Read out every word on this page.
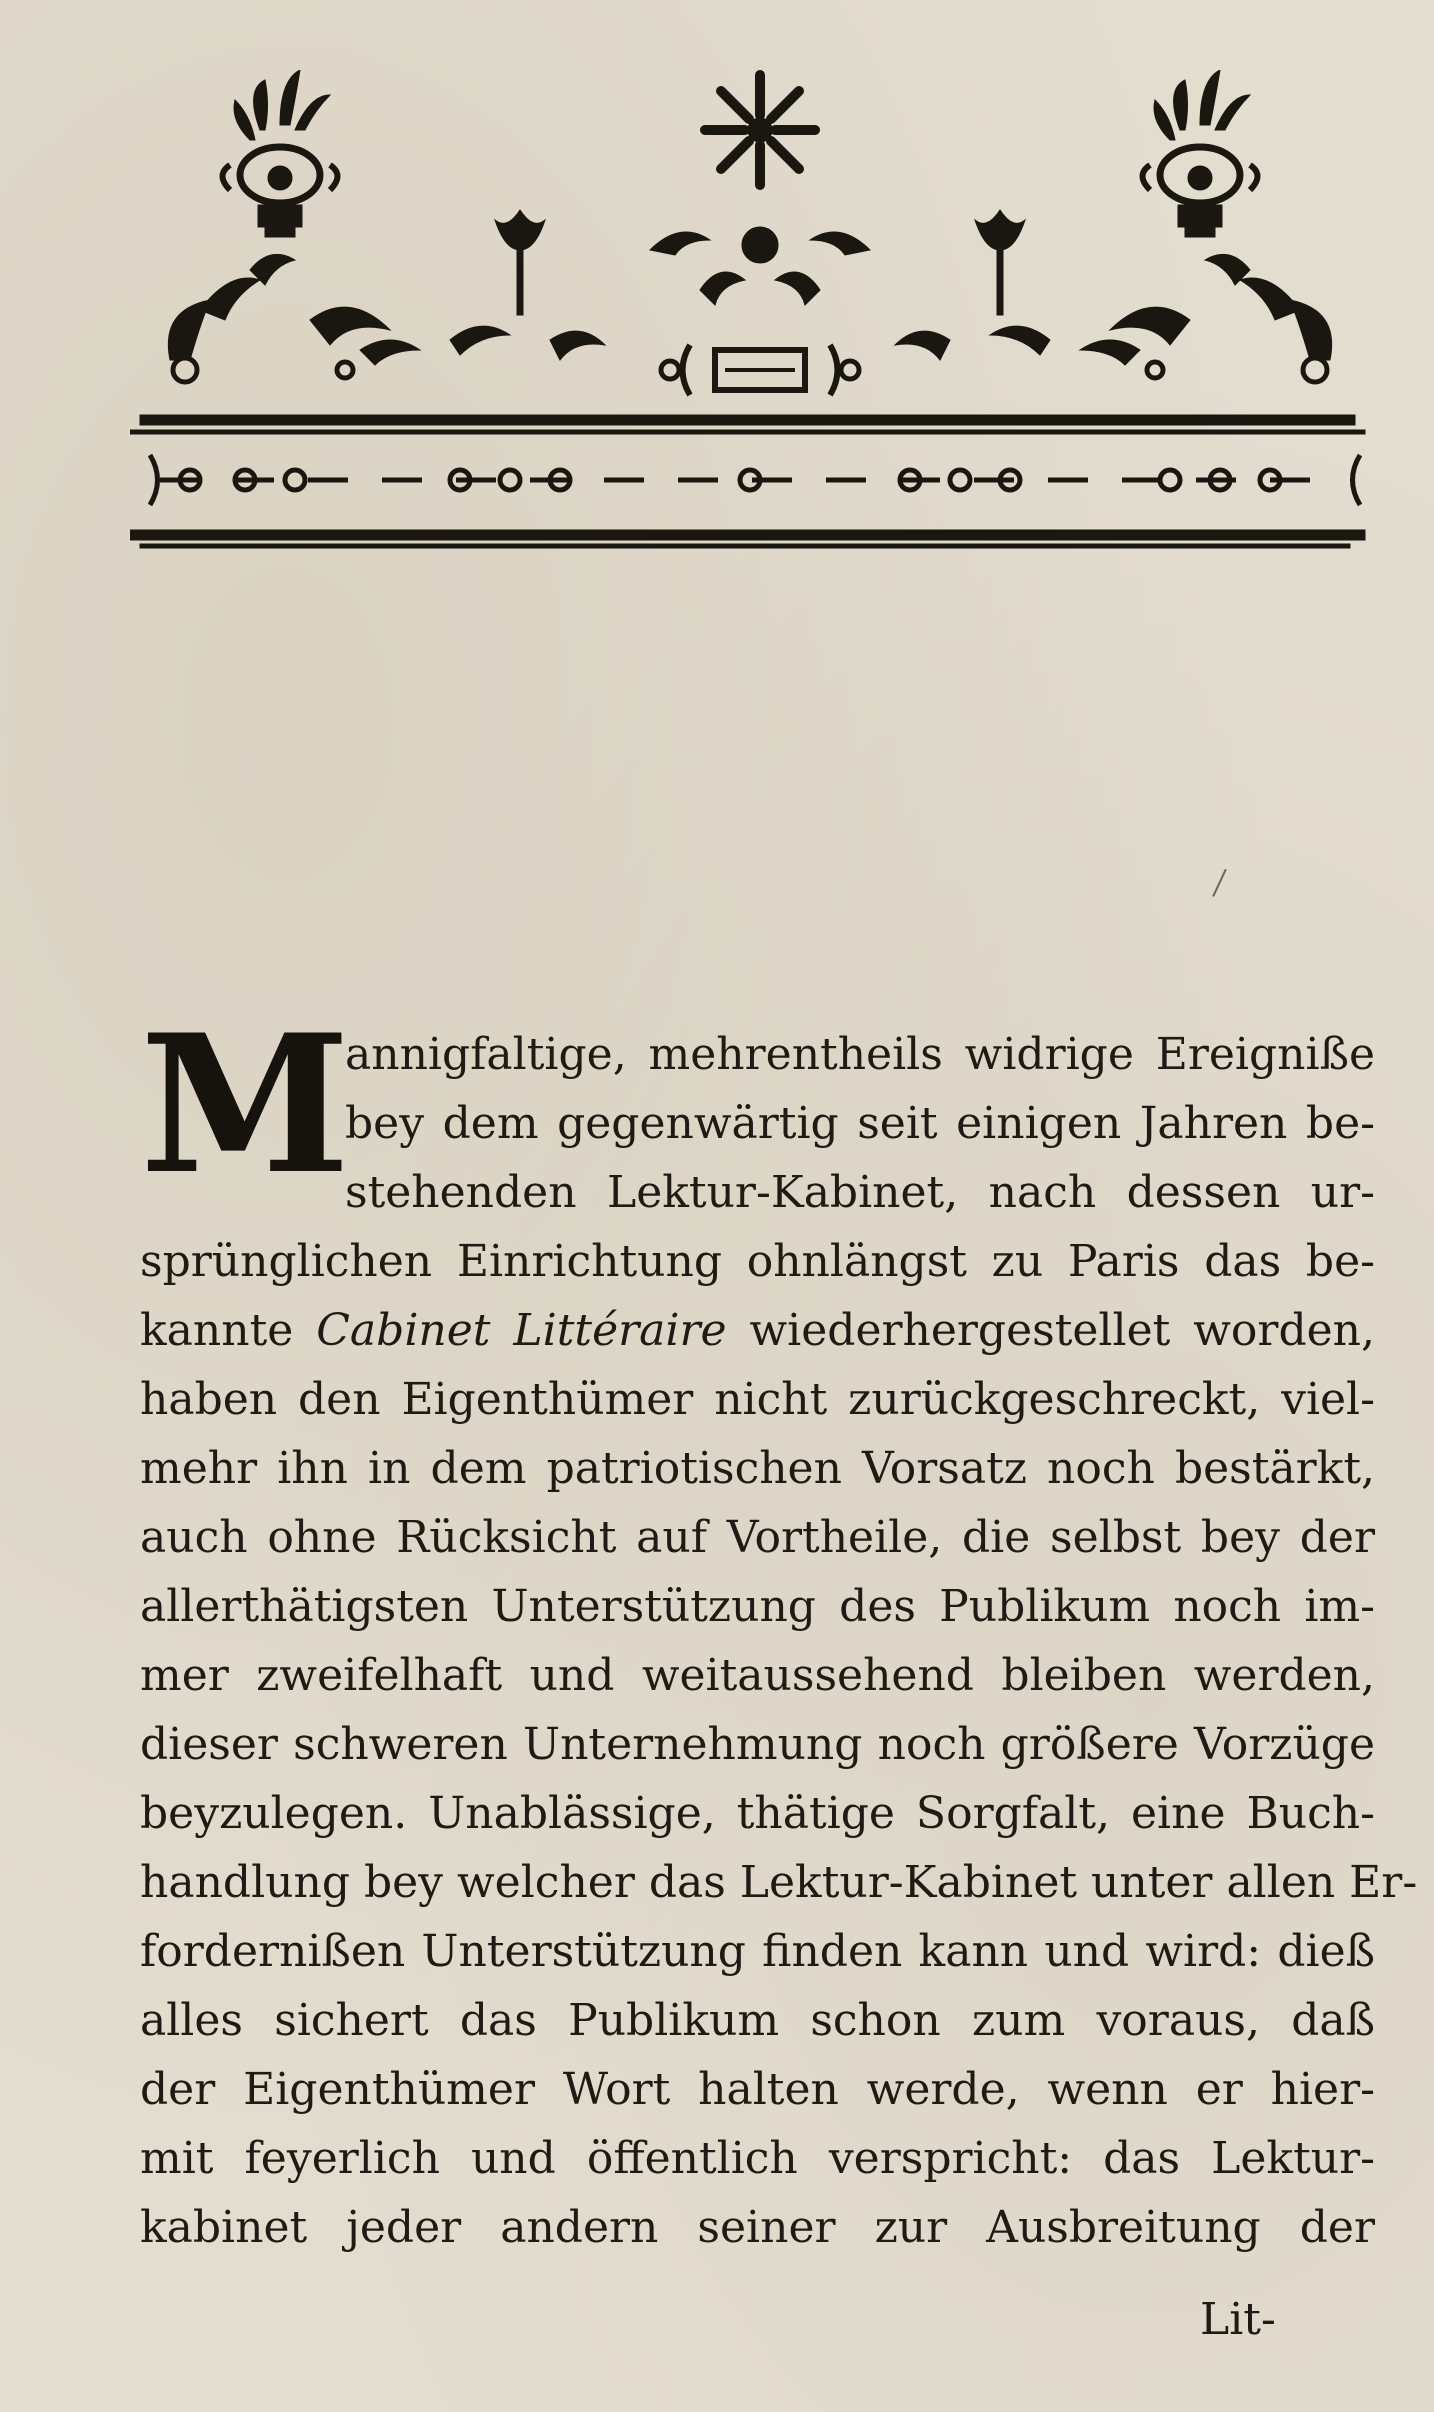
M
annigfaltige, mehrentheils widrige Ereigniße
bey dem gegenwärtig seit einigen Jahren be-
stehenden Lektur-Kabinet, nach dessen ur-
sprünglichen Einrichtung ohnlängst zu Paris das be-
kannte Cabinet Littéraire wiederhergestellet worden,
haben den Eigenthümer nicht zurückgeschreckt, viel-
mehr ihn in dem patriotischen Vorsatz noch bestärkt,
auch ohne Rücksicht auf Vortheile, die selbst bey der
allerthätigsten Unterstützung des Publikum noch im-
mer zweifelhaft und weitaussehend bleiben werden,
dieser schweren Unternehmung noch größere Vorzüge
beyzulegen. Unablässige, thätige Sorgfalt, eine Buch-
handlung bey welcher das Lektur-Kabinet unter allen Er-
fordernißen Unterstützung finden kann und wird: dieß
alles sichert das Publikum schon zum voraus, daß
der Eigenthümer Wort halten werde, wenn er hier-
mit feyerlich und öffentlich verspricht: das Lektur-
kabinet jeder andern seiner zur Ausbreitung der
Lit-
